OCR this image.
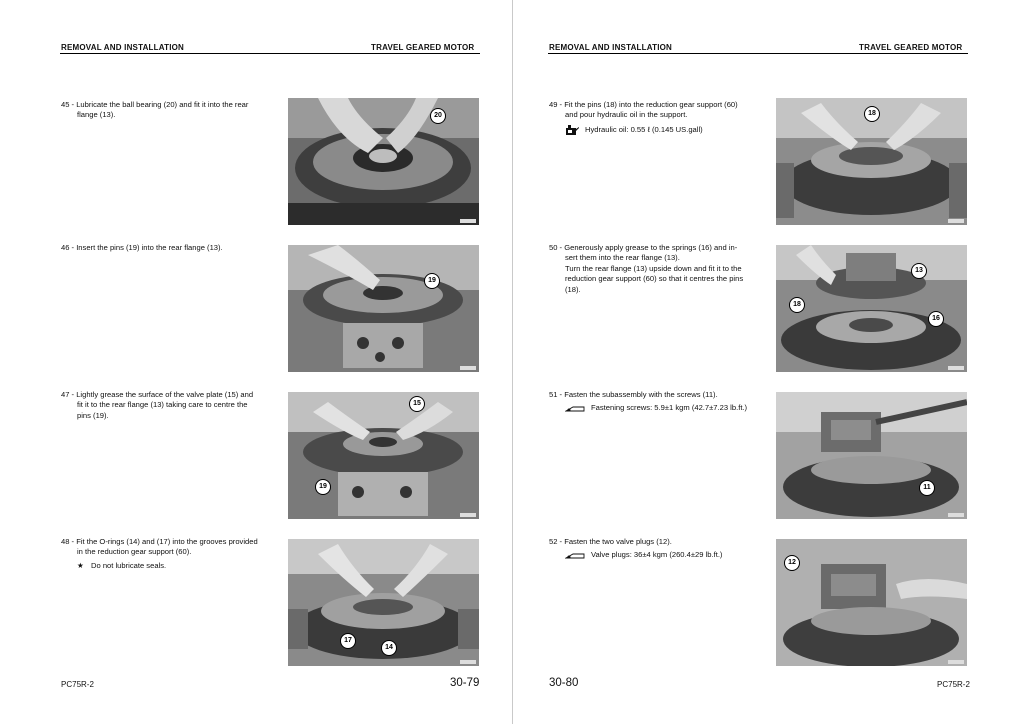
REMOVAL AND INSTALLATION	TRAVEL GEARED MOTOR
45 - Lubricate the ball bearing (20) and fit it into the rear
flange (13).
46 - Insert the pins (19) into the rear flange (13).
47 - Lightly grease the surface of the valve plate (15) and
fit it to the rear flange (13) taking care to centre the
pins (19).
48 - Fit the O-rings (14) and (17) into the grooves provided
in the reduction gear support (60).
★ Do not lubricate seals.
20
19
15
19
17
14
PC75R-2	30-79
REMOVAL AND INSTALLATION	TRAVEL GEARED MOTOR
49 - Fit the pins (18) into the reduction gear support (60)
and pour hydraulic oil in the support.
Hydraulic oil: 0.55 ℓ (0.145 US.gall)
50 - Generously apply grease to the springs (16) and in-
sert them into the rear flange (13).
Turn the rear flange (13) upside down and fit it to the
reduction gear support (60) so that it centres the pins
(18).
51 - Fasten the subassembly with the screws (11).
Fastening screws: 5.9±1 kgm (42.7±7.23 lb.ft.)
52 - Fasten the two valve plugs (12).
Valve plugs: 36±4 kgm (260.4±29 lb.ft.)
18
13
18
16
11
12
30-80	PC75R-2
